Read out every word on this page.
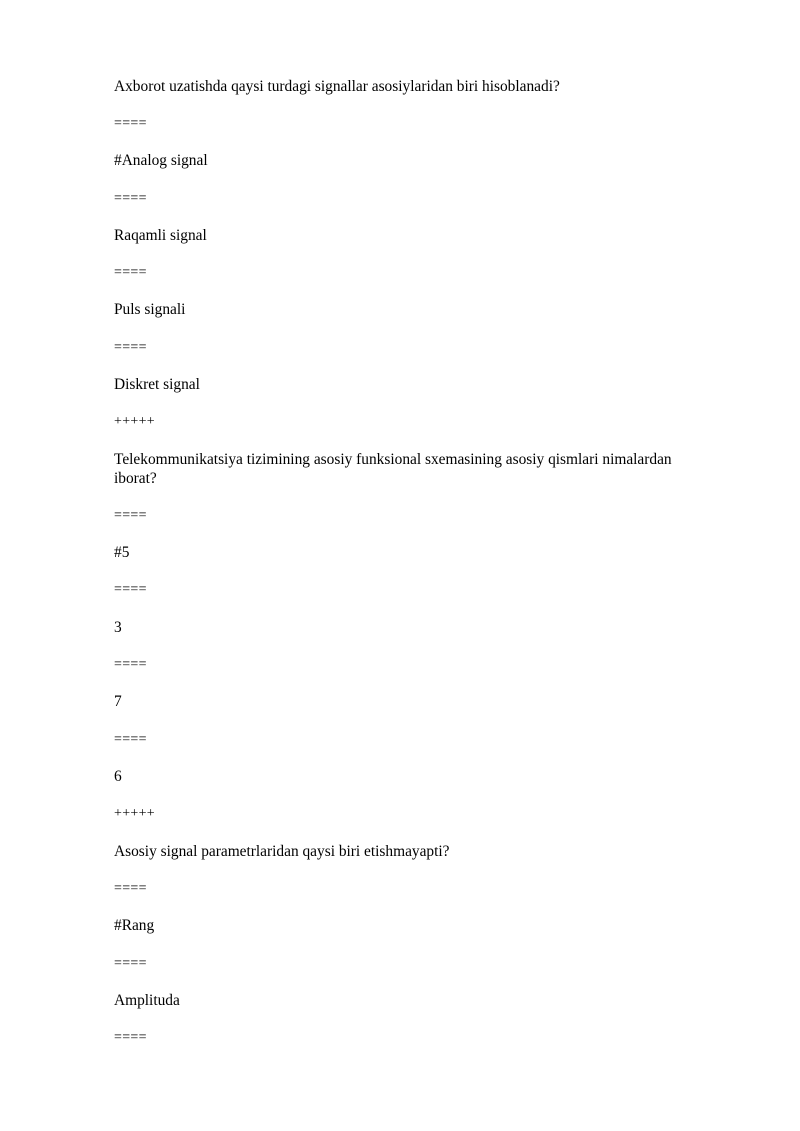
Axborot uzatishda qaysi turdagi signallar asosiylaridan biri hisoblanadi?
====
#Analog signal
====
Raqamli signal
====
Puls signali
====
Diskret signal
+++++
Telekommunikatsiya tizimining asosiy funksional sxemasining asosiy qismlari nimalardan iborat?
====
#5
====
3
====
7
====
6
+++++
Asosiy signal parametrlaridan qaysi biri etishmayapti?
====
#Rang
====
Amplituda
====
